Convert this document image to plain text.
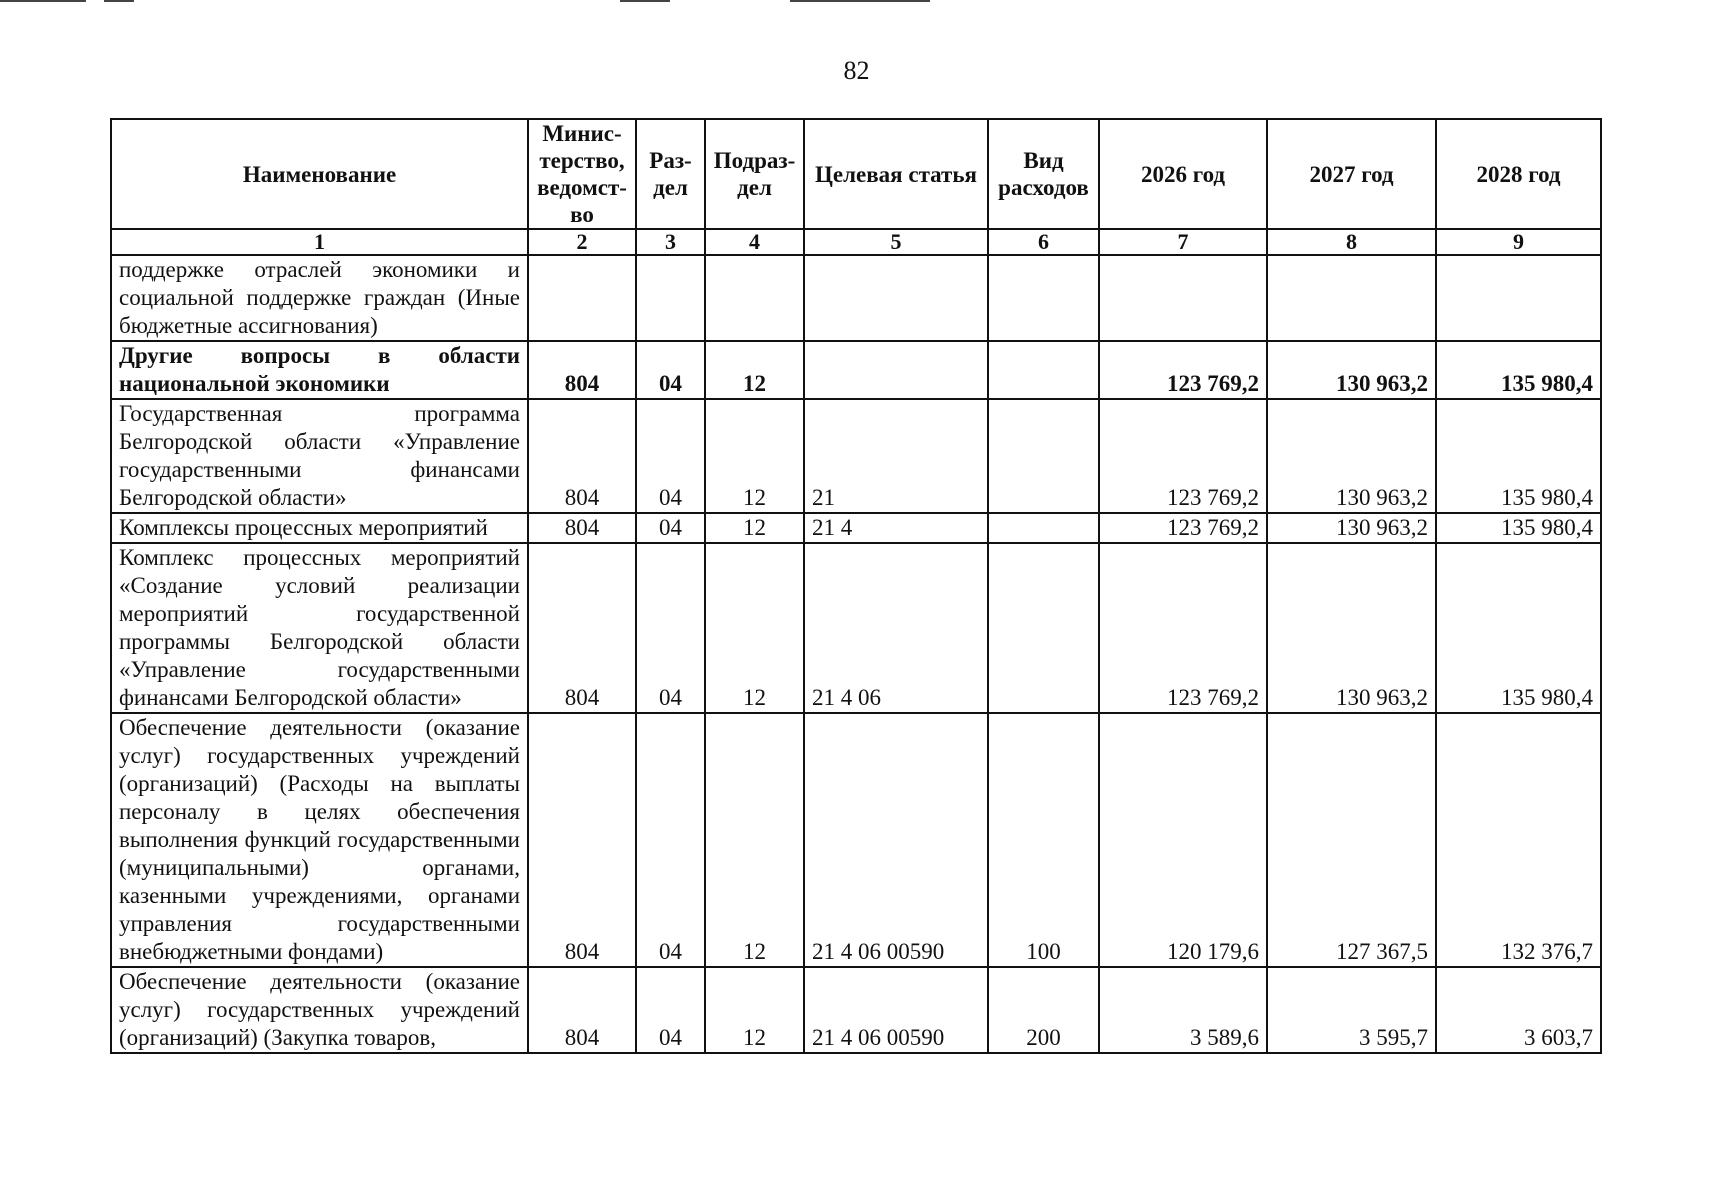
82
Наименование	Минис-терство, ведомст-во	Раз-дел	Подраз-дел	Целевая статья	Вид расходов	2026 год	2027 год	2028 год
1	2	3	4	5	6	7	8	9
поддержке отраслей экономики и социальной поддержке граждан (Иные бюджетные ассигнования)								
Другие вопросы в области национальной экономики	804	04	12			123 769,2	130 963,2	135 980,4
Государственная программа Белгородской области «Управление государственными финансами Белгородской области»	804	04	12	21		123 769,2	130 963,2	135 980,4
Комплексы процессных мероприятий	804	04	12	21 4		123 769,2	130 963,2	135 980,4
Комплекс процессных мероприятий «Создание условий реализации мероприятий государственной программы Белгородской области «Управление государственными финансами Белгородской области»	804	04	12	21 4 06		123 769,2	130 963,2	135 980,4
Обеспечение деятельности (оказание услуг) государственных учреждений (организаций) (Расходы на выплаты персоналу в целях обеспечения выполнения функций государственными (муниципальными) органами, казенными учреждениями, органами управления государственными внебюджетными фондами)	804	04	12	21 4 06 00590	100	120 179,6	127 367,5	132 376,7
Обеспечение деятельности (оказание услуг) государственных учреждений (организаций) (Закупка товаров,	804	04	12	21 4 06 00590	200	3 589,6	3 595,7	3 603,7
